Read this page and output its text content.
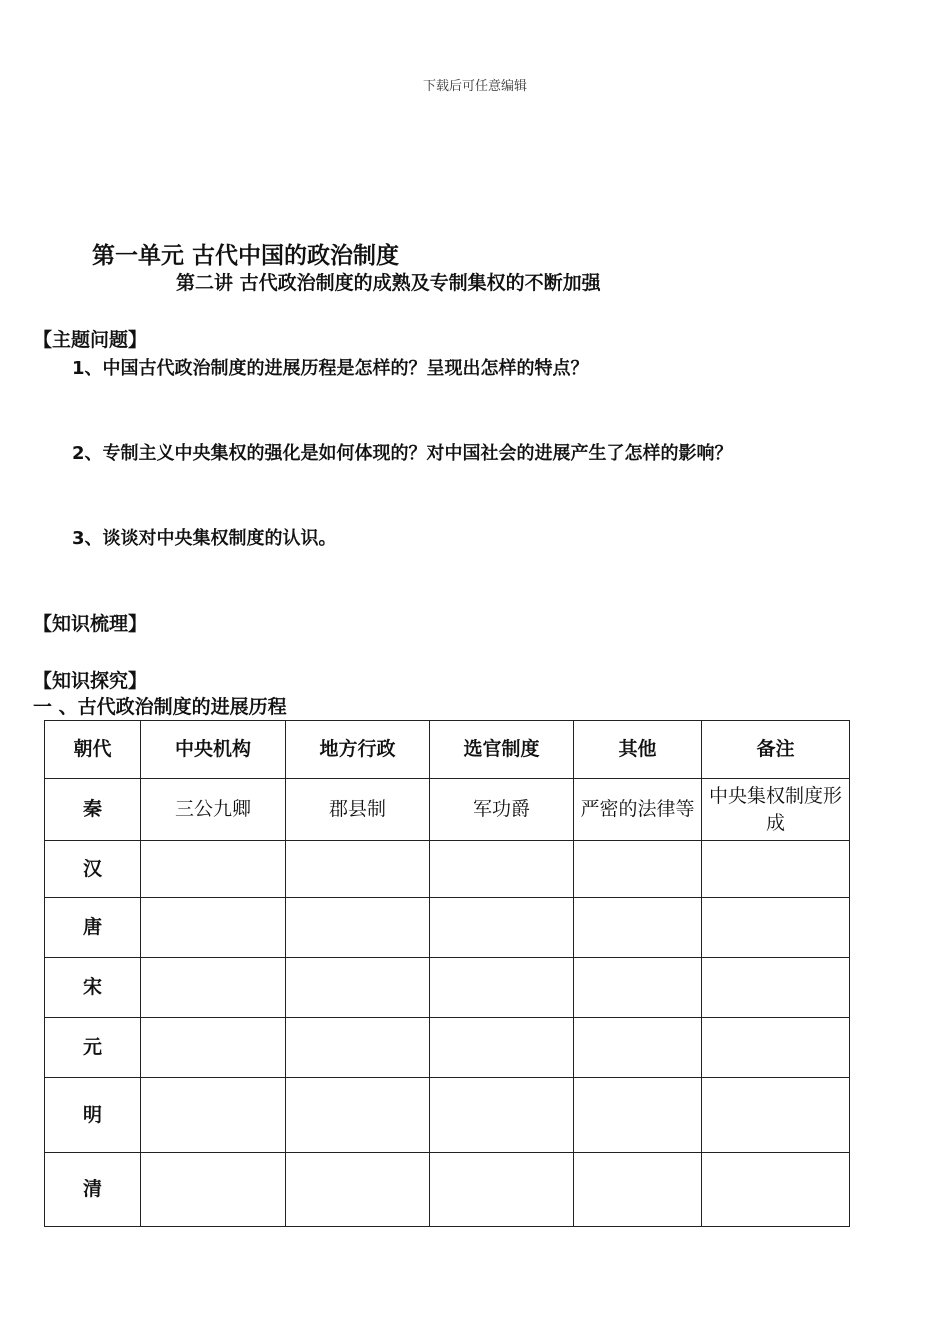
下载后可任意编辑
第一单元 古代中国的政治制度
第二讲 古代政治制度的成熟及专制集权的不断加强
【主题问题】
1、中国古代政治制度的进展历程是怎样的？呈现出怎样的特点？
2、专制主义中央集权的强化是如何体现的？对中国社会的进展产生了怎样的影响？
3、谈谈对中央集权制度的认识。
【知识梳理】
【知识探究】
一 、古代政治制度的进展历程
朝代	中央机构	地方行政	选官制度	其他	备注
秦	三公九卿	郡县制	军功爵	严密的法律等	中央集权制度形成
汉					
唐					
宋					
元					
明					
清					
